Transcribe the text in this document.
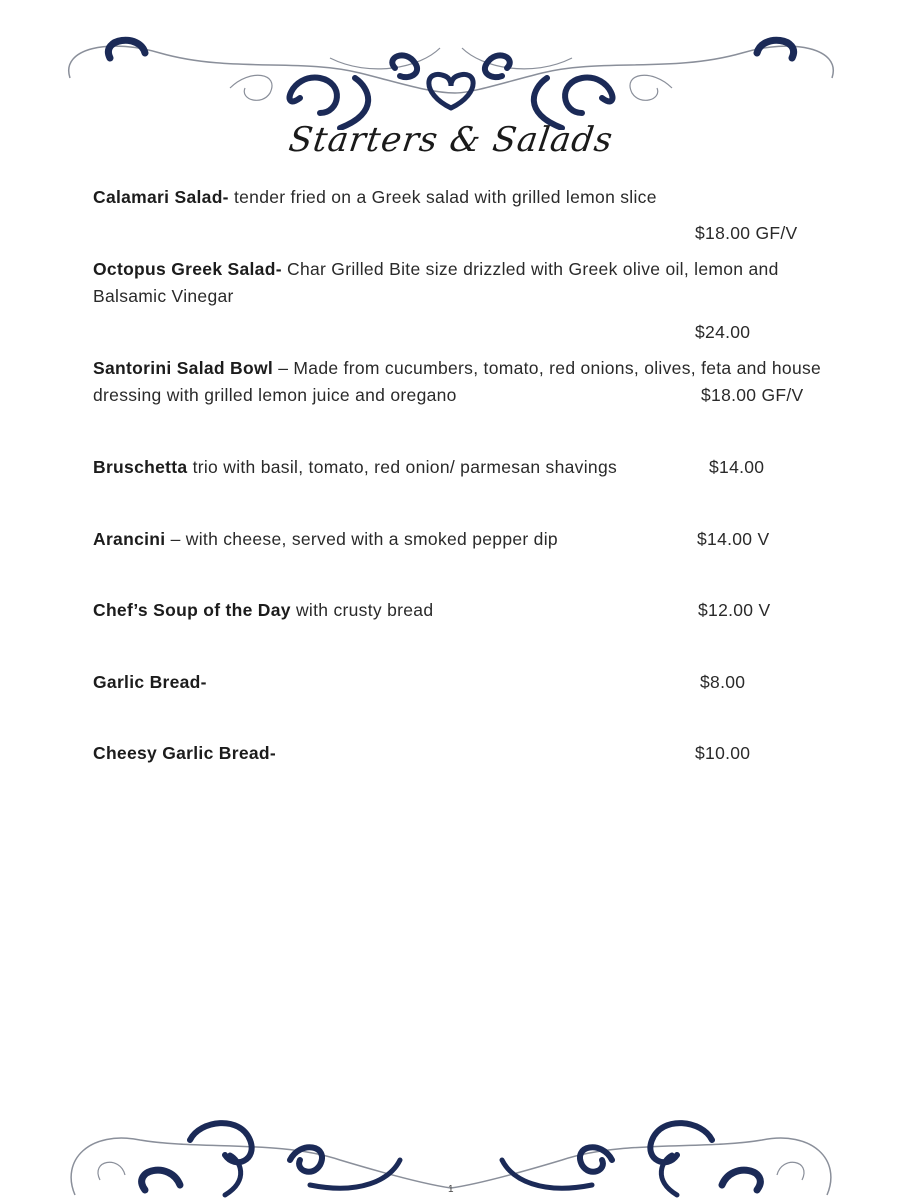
Starters & Salads
Calamari Salad- tender fried on a Greek salad with grilled lemon slice
$18.00 GF/V
Octopus Greek Salad- Char Grilled Bite size drizzled with Greek olive oil, lemon and Balsamic Vinegar
$24.00
Santorini Salad Bowl – Made from cucumbers, tomato, red onions, olives, feta and house dressing with grilled lemon juice and oregano	$18.00 GF/V
Bruschetta trio with basil, tomato, red onion/ parmesan shavings	$14.00
Arancini – with cheese, served with a smoked pepper dip	$14.00 V
Chef’s Soup of the Day with crusty bread	$12.00 V
Garlic Bread-	$8.00
Cheesy Garlic Bread-	$10.00
1
